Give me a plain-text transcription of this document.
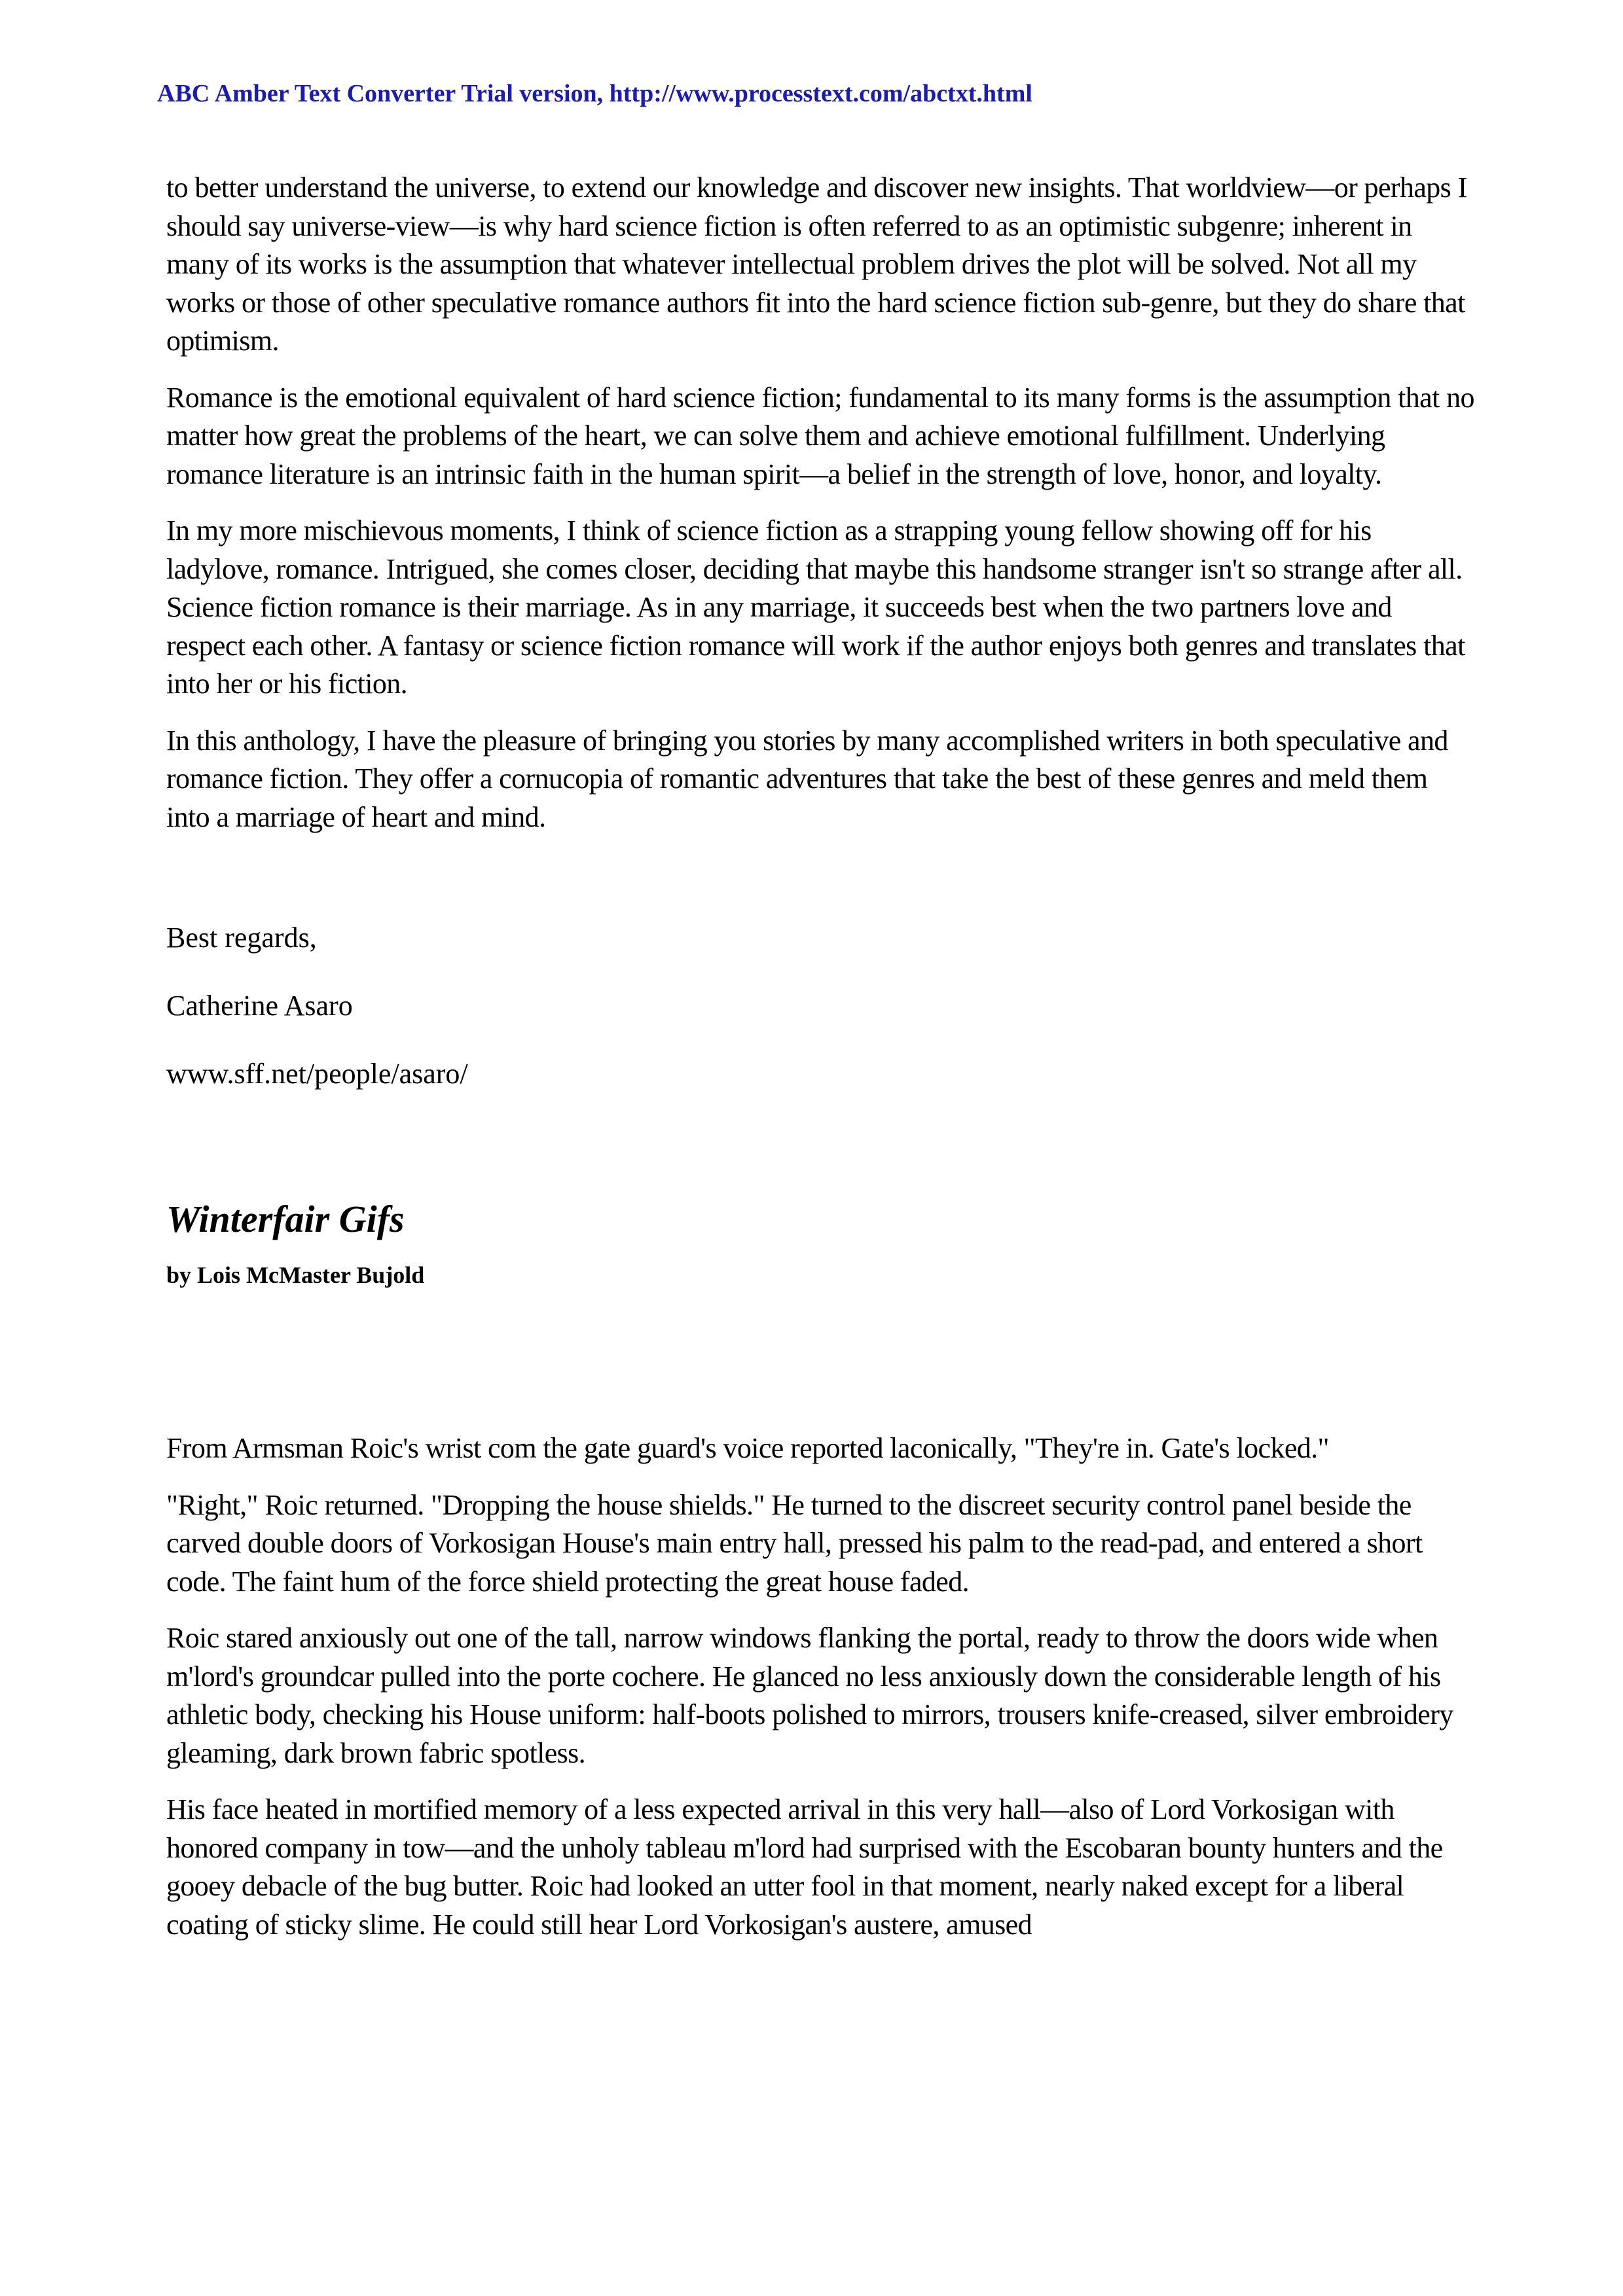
ABC Amber Text Converter Trial version, http://www.processtext.com/abctxt.html

to better understand the universe, to extend our knowledge and discover new insights. That worldview—or perhaps I should say universe-view—is why hard science fiction is often referred to as an optimistic subgenre; inherent in many of its works is the assumption that whatever intellectual problem drives the plot will be solved. Not all my works or those of other speculative romance authors fit into the hard science fiction sub-genre, but they do share that optimism.

Romance is the emotional equivalent of hard science fiction; fundamental to its many forms is the assumption that no matter how great the problems of the heart, we can solve them and achieve emotional fulfillment. Underlying romance literature is an intrinsic faith in the human spirit—a belief in the strength of love, honor, and loyalty.

In my more mischievous moments, I think of science fiction as a strapping young fellow showing off for his ladylove, romance. Intrigued, she comes closer, deciding that maybe this handsome stranger isn't so strange after all. Science fiction romance is their marriage. As in any marriage, it succeeds best when the two partners love and respect each other. A fantasy or science fiction romance will work if the author enjoys both genres and translates that into her or his fiction.

In this anthology, I have the pleasure of bringing you stories by many accomplished writers in both speculative and romance fiction. They offer a cornucopia of romantic adventures that take the best of these genres and meld them into a marriage of heart and mind.

Best regards,

Catherine Asaro

www.sff.net/people/asaro/

Winterfair Gifs

by Lois McMaster Bujold

From Armsman Roic's wrist com the gate guard's voice reported laconically, "They're in. Gate's locked."

"Right," Roic returned. "Dropping the house shields." He turned to the discreet security control panel beside the carved double doors of Vorkosigan House's main entry hall, pressed his palm to the read-pad, and entered a short code. The faint hum of the force shield protecting the great house faded.

Roic stared anxiously out one of the tall, narrow windows flanking the portal, ready to throw the doors wide when m'lord's groundcar pulled into the porte cochere. He glanced no less anxiously down the considerable length of his athletic body, checking his House uniform: half-boots polished to mirrors, trousers knife-creased, silver embroidery gleaming, dark brown fabric spotless.

His face heated in mortified memory of a less expected arrival in this very hall—also of Lord Vorkosigan with honored company in tow—and the unholy tableau m'lord had surprised with the Escobaran bounty hunters and the gooey debacle of the bug butter. Roic had looked an utter fool in that moment, nearly naked except for a liberal coating of sticky slime. He could still hear Lord Vorkosigan's austere, amused
